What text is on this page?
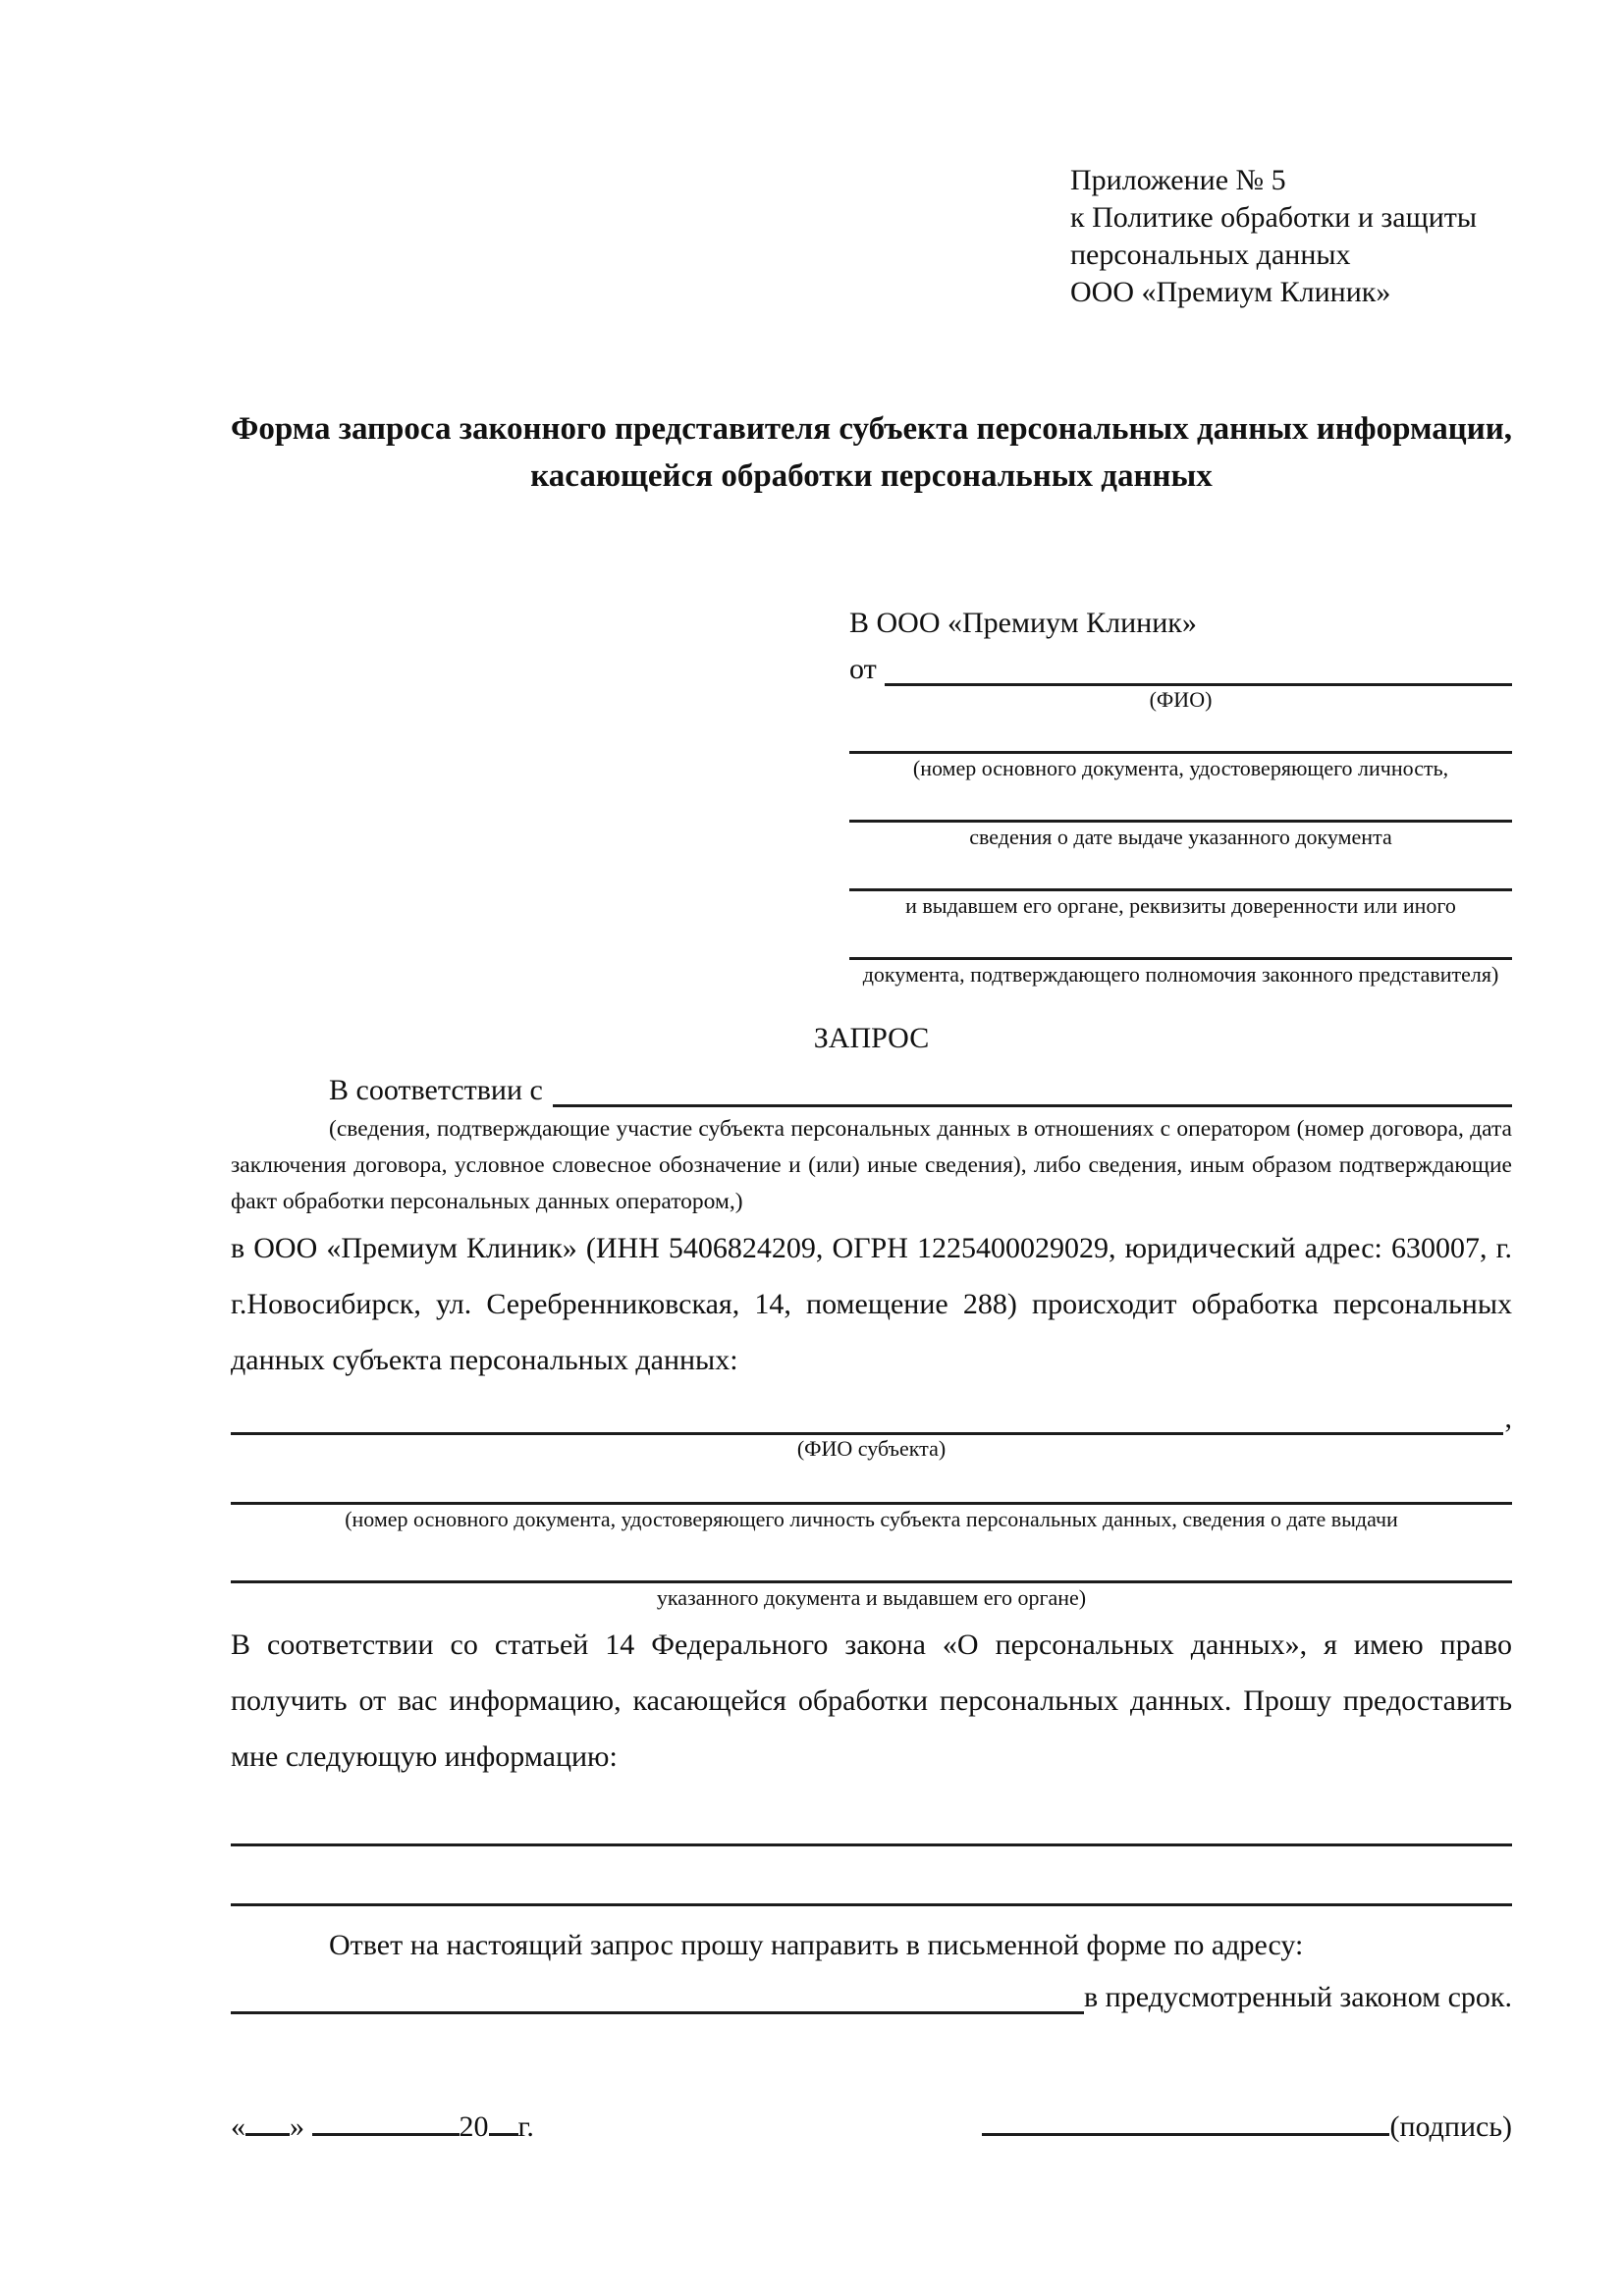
Приложение № 5
к Политике обработки и защиты
персональных данных
ООО «Премиум Клиник»
Форма запроса законного представителя субъекта персональных данных информации, касающейся обработки персональных данных
В ООО «Премиум Клиник»
от
(ФИО)
(номер основного документа, удостоверяющего личность,
сведения о дате выдаче указанного документа
и выдавшем его органе, реквизиты доверенности или иного
документа, подтверждающего полномочия законного представителя)
ЗАПРОС
В соответствии с
(сведения, подтверждающие участие субъекта персональных данных в отношениях с оператором (номер договора, дата заключения договора, условное словесное обозначение и (или) иные сведения), либо сведения, иным образом подтверждающие факт обработки персональных данных оператором,)
в ООО «Премиум Клиник» (ИНН 5406824209, ОГРН 1225400029029, юридический адрес: 630007, г. г.Новосибирск, ул. Серебренниковская, 14, помещение 288) происходит обработка персональных данных субъекта персональных данных:
,
(ФИО субъекта)
(номер основного документа, удостоверяющего личность субъекта персональных данных, сведения о дате выдачи
указанного документа и выдавшем его органе)
В соответствии со статьей 14 Федерального закона «О персональных данных», я имею право получить от вас информацию, касающейся обработки персональных данных. Прошу предоставить мне следующую информацию:
Ответ на настоящий запрос прошу направить в письменной форме по адресу:
в предусмотренный законом срок.
« »	20 г.	(подпись)
